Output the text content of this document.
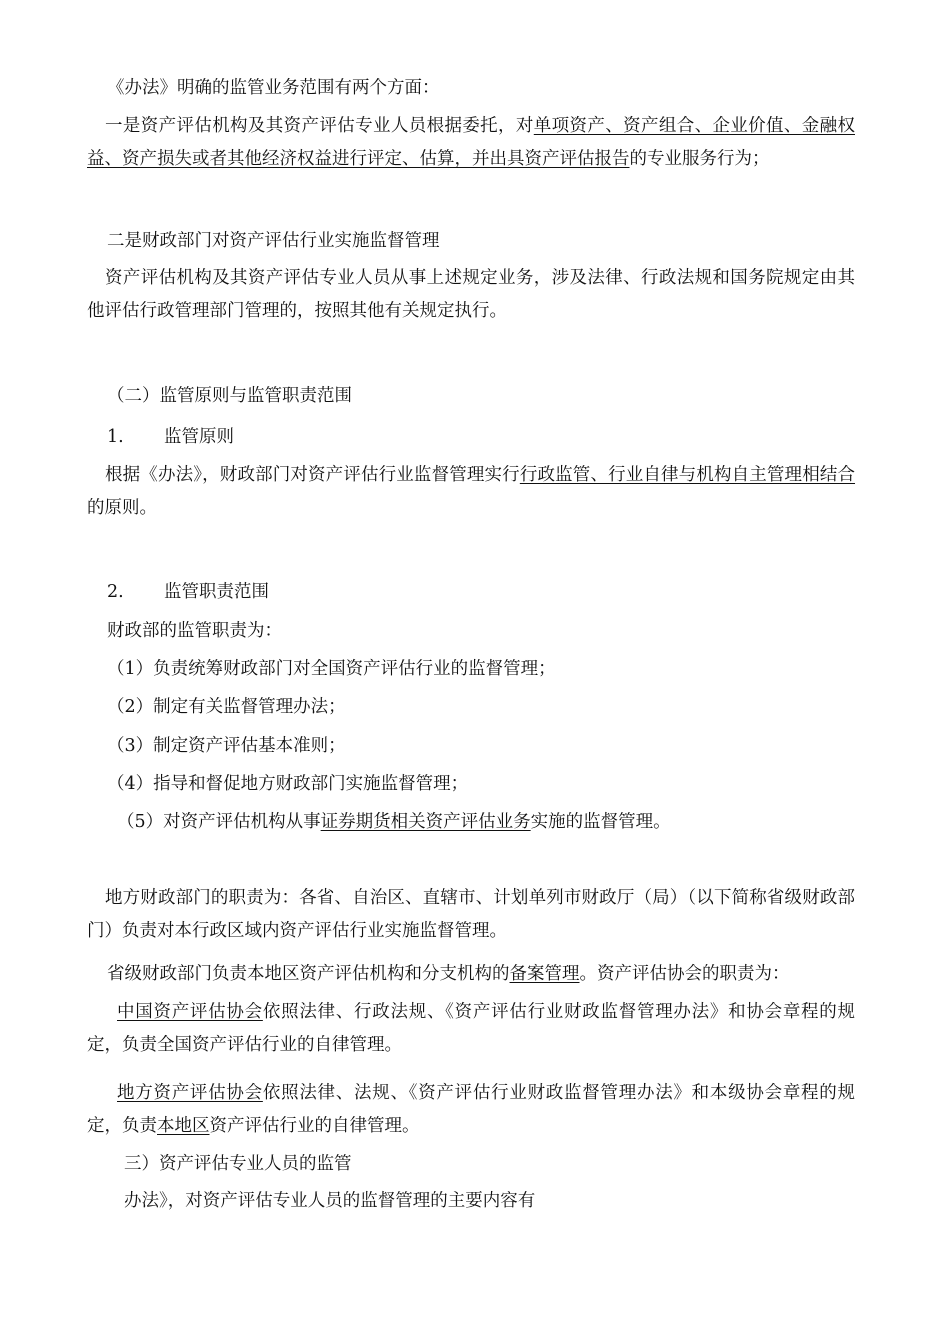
《办法》明确的监管业务范围有两个方面：

一是资产评估机构及其资产评估专业人员根据委托，对单项资产、资产组合、企业价值、金融权益、资产损失或者其他经济权益进行评定、估算，并出具资产评估报告的专业服务行为；

二是财政部门对资产评估行业实施监督管理

资产评估机构及其资产评估专业人员从事上述规定业务，涉及法律、行政法规和国务院规定由其他评估行政管理部门管理的，按照其他有关规定执行。

（二）监管原则与监管职责范围

1. 监管原则

根据《办法》，财政部门对资产评估行业监督管理实行行政监管、行业自律与机构自主管理相结合的原则。

2. 监管职责范围

财政部的监管职责为：

（1）负责统筹财政部门对全国资产评估行业的监督管理；

（2）制定有关监督管理办法；

（3）制定资产评估基本准则；

（4）指导和督促地方财政部门实施监督管理；

（5）对资产评估机构从事证券期货相关资产评估业务实施的监督管理。

地方财政部门的职责为：各省、自治区、直辖市、计划单列市财政厅（局）（以下简称省级财政部门）负责对本行政区域内资产评估行业实施监督管理。

省级财政部门负责本地区资产评估机构和分支机构的备案管理。资产评估协会的职责为：

中国资产评估协会依照法律、行政法规、《资产评估行业财政监督管理办法》和协会章程的规定，负责全国资产评估行业的自律管理。

地方资产评估协会依照法律、法规、《资产评估行业财政监督管理办法》和本级协会章程的规定，负责本地区资产评估行业的自律管理。

三）资产评估专业人员的监管

办法》，对资产评估专业人员的监督管理的主要内容有
